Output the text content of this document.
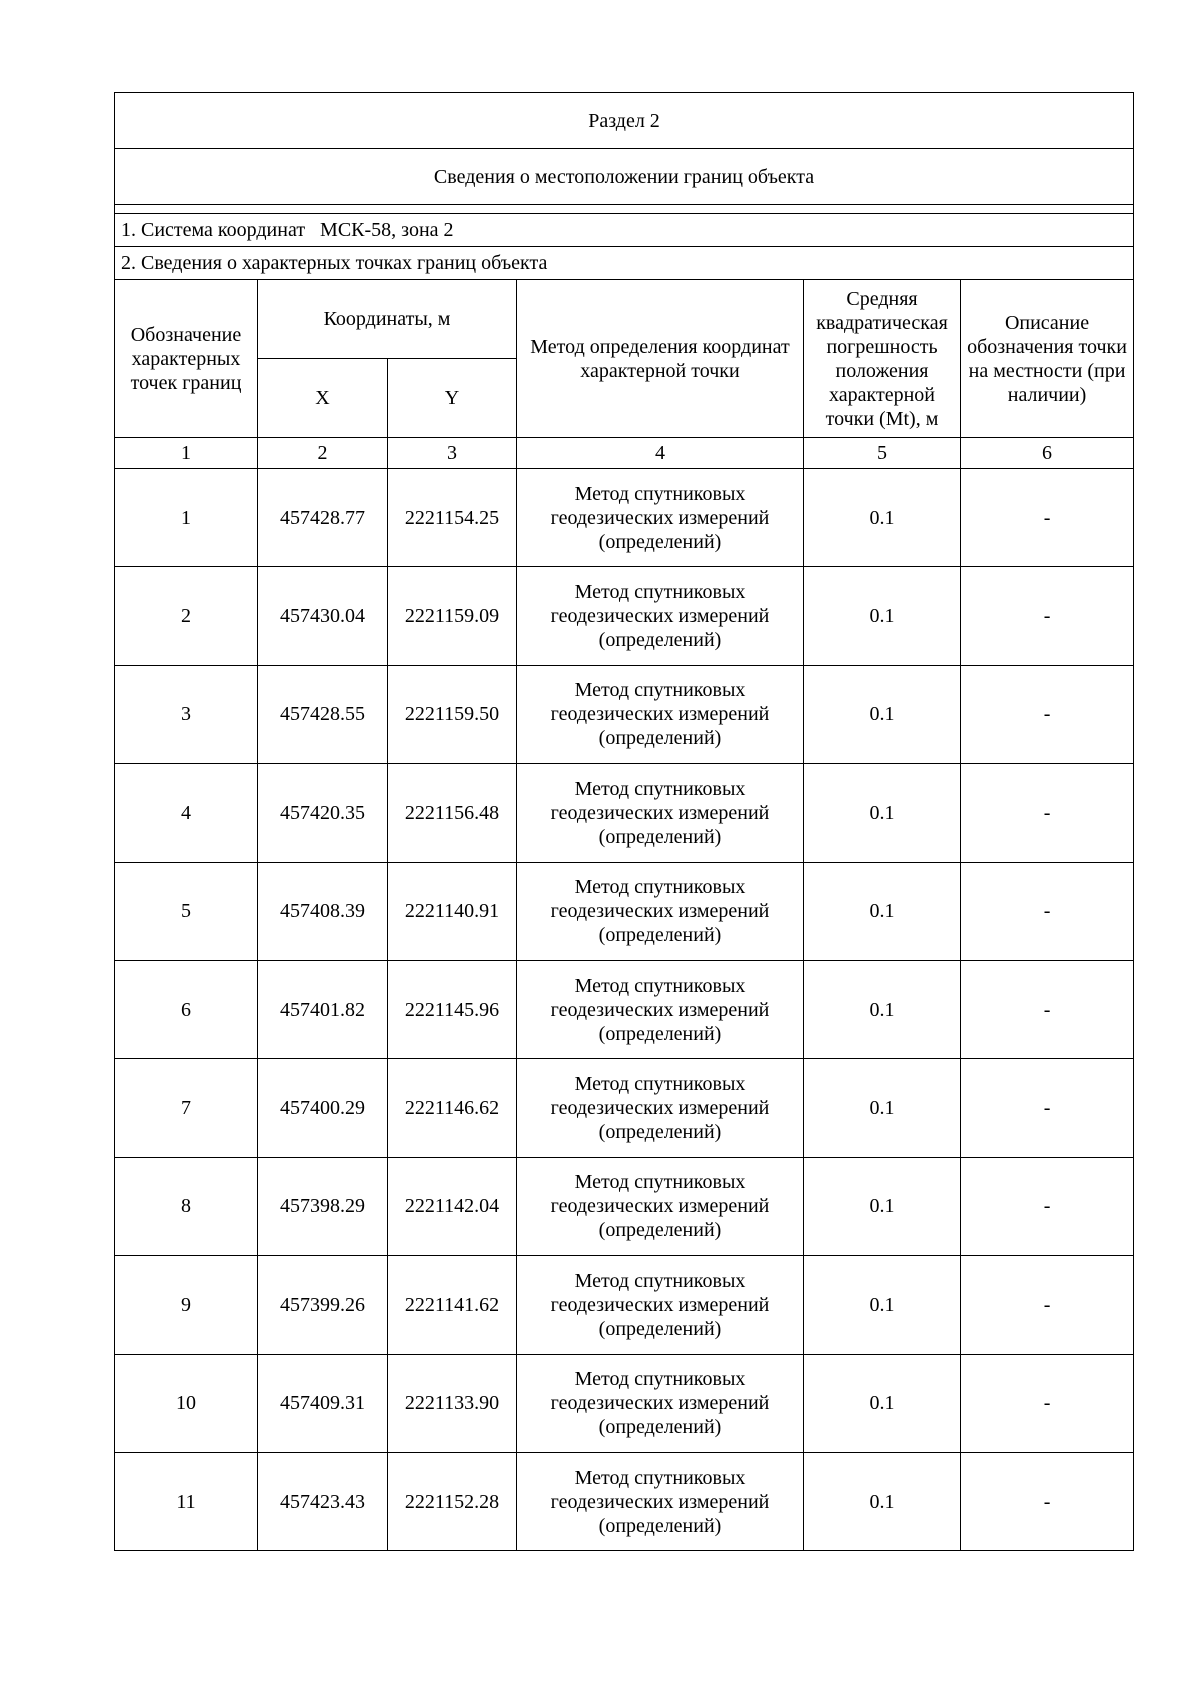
Раздел 2					
Сведения о местоположении границ объекта					

1. Система координат   МСК-58, зона 2					
2. Сведения о характерных точках границ объекта					
Обозначение характерных точек границ	Координаты, м		Метод определения координат характерной точки	Средняя квадратическая погрешность положения характерной точки (Mt), м	Описание обозначения точки на местности (при наличии)
	X	Y			
1	2	3	4	5	6
1	457428.77	2221154.25	Метод спутниковых
геодезических измерений
(определений)	0.1	-
2	457430.04	2221159.09	Метод спутниковых
геодезических измерений
(определений)	0.1	-
3	457428.55	2221159.50	Метод спутниковых
геодезических измерений
(определений)	0.1	-
4	457420.35	2221156.48	Метод спутниковых
геодезических измерений
(определений)	0.1	-
5	457408.39	2221140.91	Метод спутниковых
геодезических измерений
(определений)	0.1	-
6	457401.82	2221145.96	Метод спутниковых
геодезических измерений
(определений)	0.1	-
7	457400.29	2221146.62	Метод спутниковых
геодезических измерений
(определений)	0.1	-
8	457398.29	2221142.04	Метод спутниковых
геодезических измерений
(определений)	0.1	-
9	457399.26	2221141.62	Метод спутниковых
геодезических измерений
(определений)	0.1	-
10	457409.31	2221133.90	Метод спутниковых
геодезических измерений
(определений)	0.1	-
11	457423.43	2221152.28	Метод спутниковых
геодезических измерений
(определений)	0.1	-
